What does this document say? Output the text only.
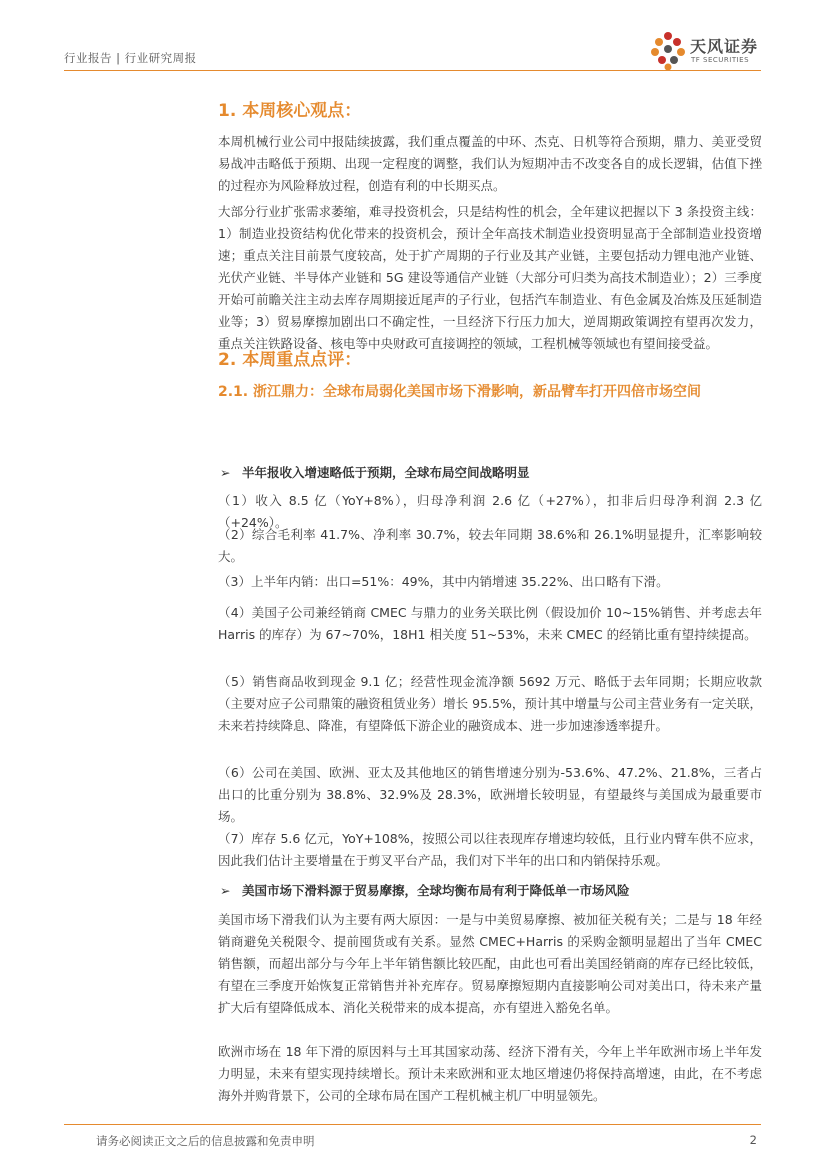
行业报告 | 行业研究周报
天风证券
TF SECURITIES
1. 本周核心观点：
本周机械行业公司中报陆续披露，我们重点覆盖的中环、杰克、日机等符合预期，鼎力、美亚受贸易战冲击略低于预期、出现一定程度的调整，我们认为短期冲击不改变各自的成长逻辑，估值下挫的过程亦为风险释放过程，创造有利的中长期买点。
大部分行业扩张需求萎缩，难寻投资机会，只是结构性的机会，全年建议把握以下 3 条投资主线：1）制造业投资结构优化带来的投资机会，预计全年高技术制造业投资明显高于全部制造业投资增速；重点关注目前景气度较高，处于扩产周期的子行业及其产业链，主要包括动力锂电池产业链、光伏产业链、半导体产业链和 5G 建设等通信产业链（大部分可归类为高技术制造业）；2）三季度开始可前瞻关注主动去库存周期接近尾声的子行业，包括汽车制造业、有色金属及冶炼及压延制造业等；3）贸易摩擦加剧出口不确定性，一旦经济下行压力加大，逆周期政策调控有望再次发力，重点关注铁路设备、核电等中央财政可直接调控的领域，工程机械等领域也有望间接受益。
2. 本周重点点评：
2.1. 浙江鼎力：全球布局弱化美国市场下滑影响，新品臂车打开四倍市场空间
➢ 半年报收入增速略低于预期，全球布局空间战略明显
（1）收入 8.5 亿（YoY+8%），归母净利润 2.6 亿（+27%），扣非后归母净利润 2.3 亿（+24%）。
（2）综合毛利率 41.7%、净利率 30.7%，较去年同期 38.6%和 26.1%明显提升，汇率影响较大。
（3）上半年内销：出口=51%：49%，其中内销增速 35.22%、出口略有下滑。
（4）美国子公司兼经销商 CMEC 与鼎力的业务关联比例（假设加价 10~15%销售、并考虑去年 Harris 的库存）为 67~70%，18H1 相关度 51~53%，未来 CMEC 的经销比重有望持续提高。
（5）销售商品收到现金 9.1 亿；经营性现金流净额 5692 万元、略低于去年同期；长期应收款（主要对应子公司鼎策的融资租赁业务）增长 95.5%，预计其中增量与公司主营业务有一定关联，未来若持续降息、降准，有望降低下游企业的融资成本、进一步加速渗透率提升。
（6）公司在美国、欧洲、亚太及其他地区的销售增速分别为-53.6%、47.2%、21.8%，三者占出口的比重分别为 38.8%、32.9%及 28.3%，欧洲增长较明显，有望最终与美国成为最重要市场。
（7）库存 5.6 亿元，YoY+108%，按照公司以往表现库存增速均较低，且行业内臂车供不应求，因此我们估计主要增量在于剪叉平台产品，我们对下半年的出口和内销保持乐观。
➢ 美国市场下滑料源于贸易摩擦，全球均衡布局有利于降低单一市场风险
美国市场下滑我们认为主要有两大原因：一是与中美贸易摩擦、被加征关税有关；二是与 18 年经销商避免关税限令、提前囤货或有关系。显然 CMEC+Harris 的采购金额明显超出了当年 CMEC 销售额，而超出部分与今年上半年销售额比较匹配，由此也可看出美国经销商的库存已经比较低，有望在三季度开始恢复正常销售并补充库存。贸易摩擦短期内直接影响公司对美出口，待未来产量扩大后有望降低成本、消化关税带来的成本提高，亦有望进入豁免名单。
欧洲市场在 18 年下滑的原因料与土耳其国家动荡、经济下滑有关，今年上半年欧洲市场上半年发力明显，未来有望实现持续增长。预计未来欧洲和亚太地区增速仍将保持高增速，由此，在不考虑海外并购背景下，公司的全球布局在国产工程机械主机厂中明显领先。
请务必阅读正文之后的信息披露和免责申明	2
